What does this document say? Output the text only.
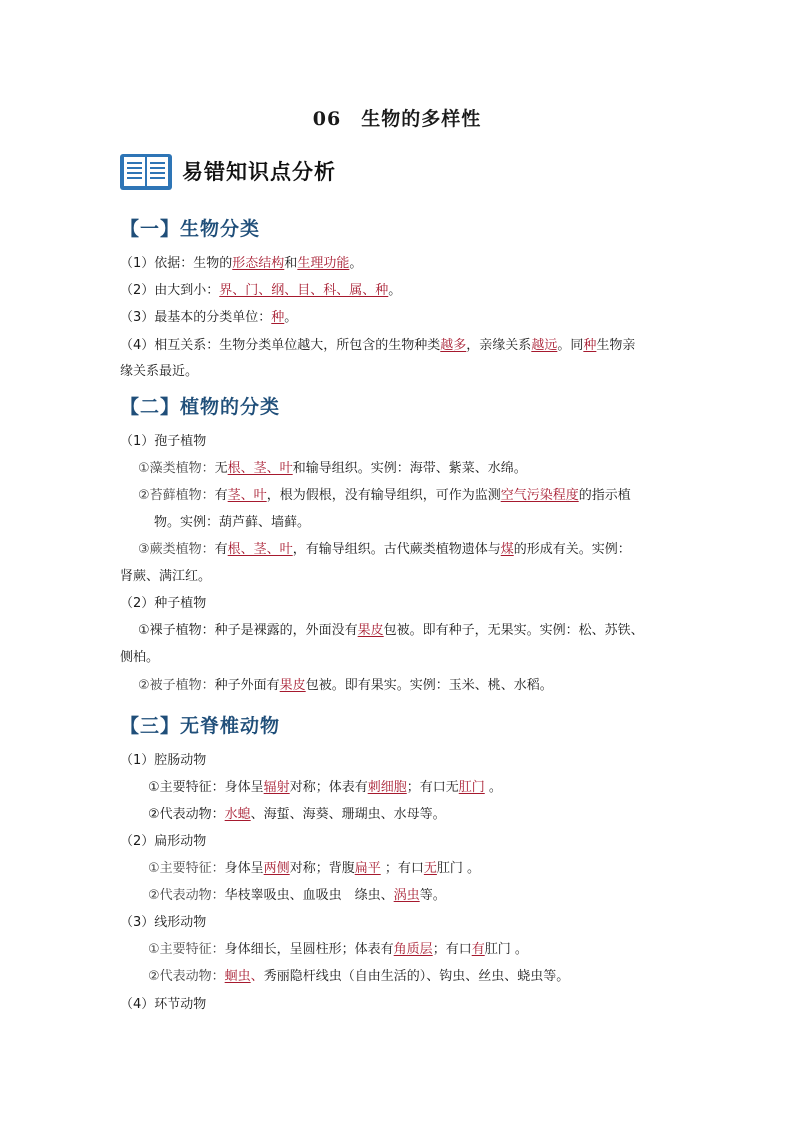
06　生物的多样性
易错知识点分析
【一】生物分类
（1）依据：生物的形态结构和生理功能。
（2）由大到小：界、门、纲、目、科、属、种。
（3）最基本的分类单位：种。
（4）相互关系：生物分类单位越大，所包含的生物种类越多，亲缘关系越远。同种生物亲
缘关系最近。
【二】植物的分类
（1）孢子植物
①藻类植物：无根、茎、叶和输导组织。实例：海带、紫菜、水绵。
②苔藓植物：有茎、叶，根为假根，没有输导组织，可作为监测空气污染程度的指示植
物。实例：葫芦藓、墙藓。
③蕨类植物：有根、茎、叶，有输导组织。古代蕨类植物遗体与煤的形成有关。实例：
肾蕨、满江红。
（2）种子植物
①裸子植物：种子是裸露的，外面没有果皮包被。即有种子，无果实。实例：松、苏铁、
侧柏。
②被子植物：种子外面有果皮包被。即有果实。实例：玉米、桃、水稻。
【三】无脊椎动物
（1）腔肠动物
①主要特征：身体呈辐射对称；体表有刺细胞；有口无肛门 。
②代表动物：水螅、海蜇、海葵、珊瑚虫、水母等。
（2）扁形动物
①主要特征：身体呈两侧对称；背腹扁平 ；有口无肛门 。
②代表动物：华枝睾吸虫、血吸虫　绦虫、涡虫等。
（3）线形动物
①主要特征：身体细长，呈圆柱形；体表有角质层；有口有肛门 。
②代表动物：蛔虫、秀丽隐杆线虫（自由生活的）、钩虫、丝虫、蛲虫等。
（4）环节动物
